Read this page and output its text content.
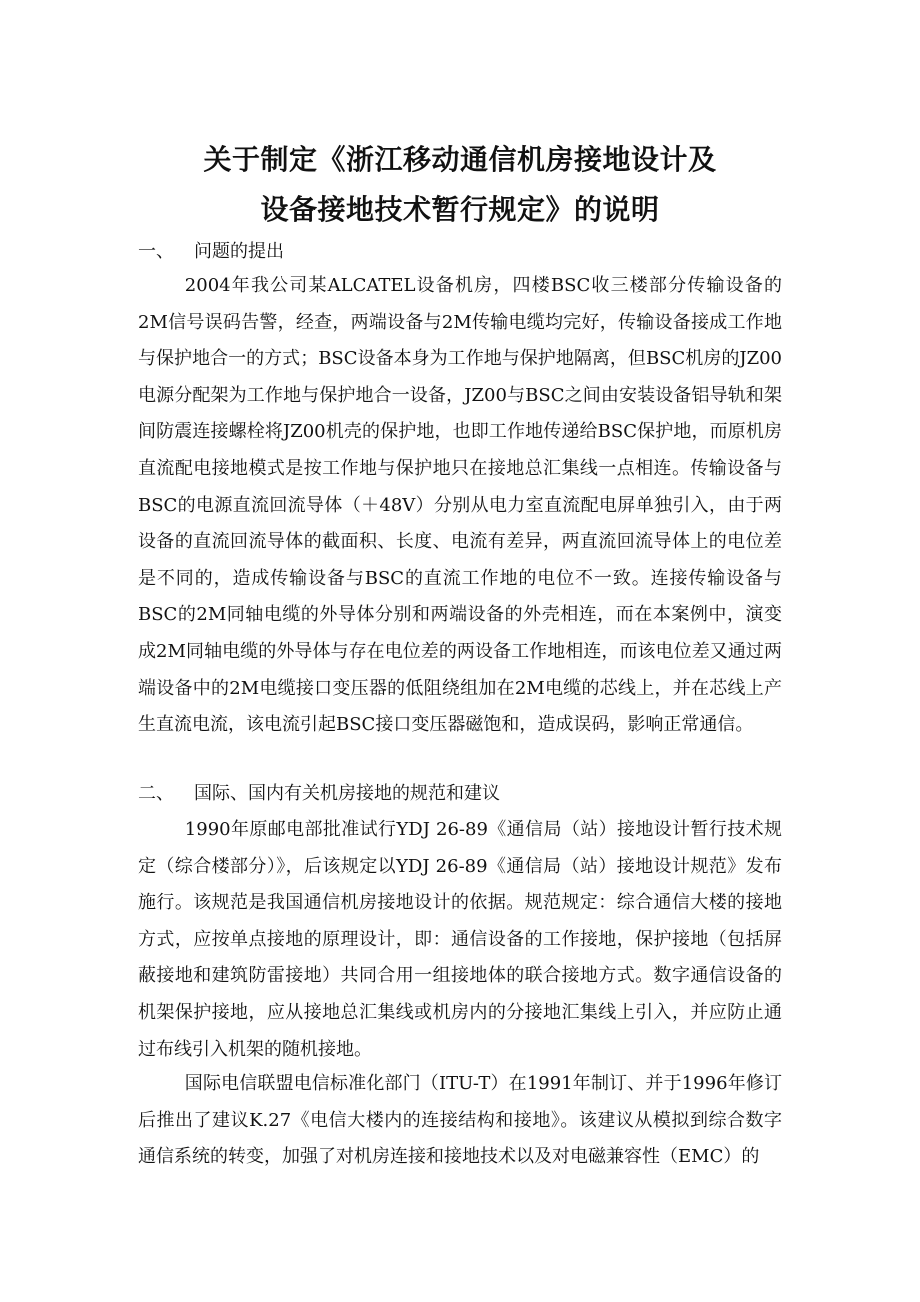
关于制定《浙江移动通信机房接地设计及
设备接地技术暂行规定》的说明
一、 问题的提出

2004年我公司某ALCATEL设备机房，四楼BSC收三楼部分传输设备的2M信号误码告警，经查，两端设备与2M传输电缆均完好，传输设备接成工作地与保护地合一的方式；BSC设备本身为工作地与保护地隔离，但BSC机房的JZ00电源分配架为工作地与保护地合一设备，JZ00与BSC之间由安装设备铝导轨和架间防震连接螺栓将JZ00机壳的保护地，也即工作地传递给BSC保护地，而原机房直流配电接地模式是按工作地与保护地只在接地总汇集线一点相连。传输设备与BSC的电源直流回流导体（＋48V）分别从电力室直流配电屏单独引入，由于两设备的直流回流导体的截面积、长度、电流有差异，两直流回流导体上的电位差是不同的，造成传输设备与BSC的直流工作地的电位不一致。连接传输设备与BSC的2M同轴电缆的外导体分别和两端设备的外壳相连，而在本案例中，演变成2M同轴电缆的外导体与存在电位差的两设备工作地相连，而该电位差又通过两端设备中的2M电缆接口变压器的低阻绕组加在2M电缆的芯线上，并在芯线上产生直流电流，该电流引起BSC接口变压器磁饱和，造成误码，影响正常通信。

二、 国际、国内有关机房接地的规范和建议

1990年原邮电部批准试行YDJ 26-89《通信局（站）接地设计暂行技术规定（综合楼部分）》，后该规定以YDJ 26-89《通信局（站）接地设计规范》发布施行。该规范是我国通信机房接地设计的依据。规范规定：综合通信大楼的接地方式，应按单点接地的原理设计，即：通信设备的工作接地，保护接地（包括屏蔽接地和建筑防雷接地）共同合用一组接地体的联合接地方式。数字通信设备的机架保护接地，应从接地总汇集线或机房内的分接地汇集线上引入，并应防止通过布线引入机架的随机接地。

国际电信联盟电信标准化部门（ITU-T）在1991年制订、并于1996年修订后推出了建议K.27《电信大楼内的连接结构和接地》。该建议从模拟到综合数字通信系统的转变，加强了对机房连接和接地技术以及对电磁兼容性（EMC）的
